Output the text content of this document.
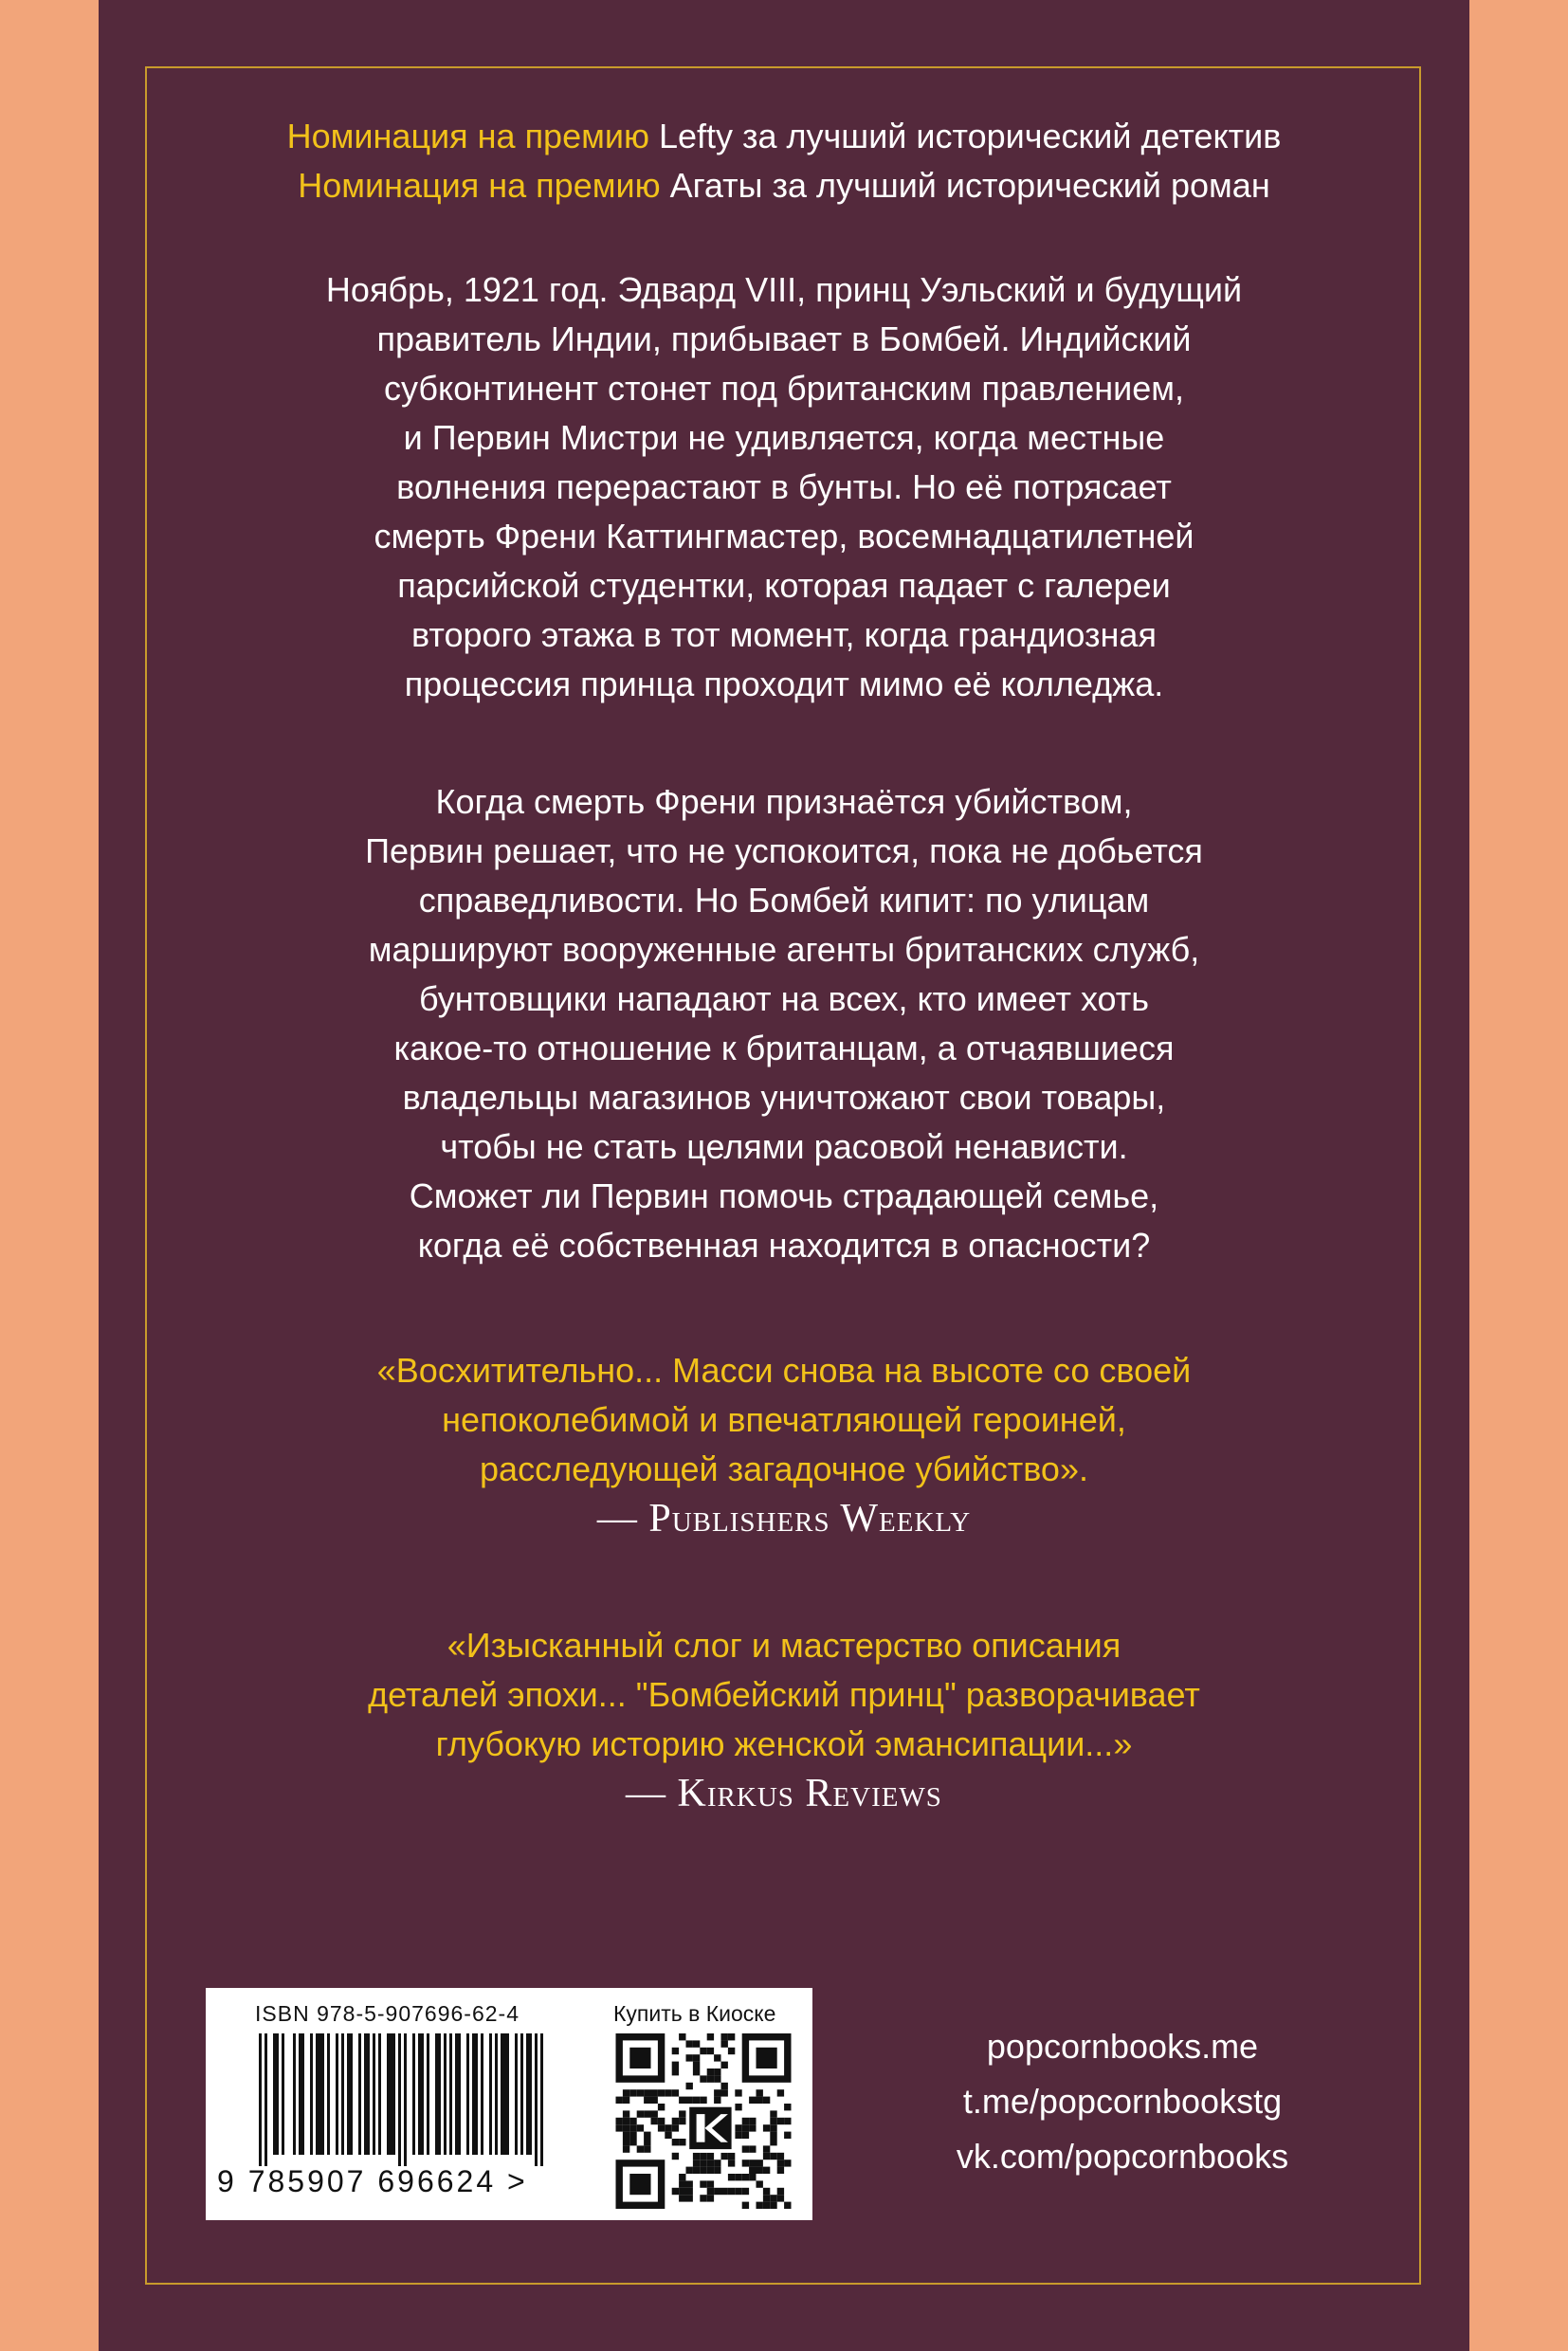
Номинация на премию Lefty за лучший исторический детектив
Номинация на премию Агаты за лучший исторический роман
Ноябрь, 1921 год. Эдвард VIII, принц Уэльский и будущий
правитель Индии, прибывает в Бомбей. Индийский
субконтинент стонет под британским правлением,
и Первин Мистри не удивляется, когда местные
волнения перерастают в бунты. Но её потрясает
смерть Френи Каттингмастер, восемнадцатилетней
парсийской студентки, которая падает с галереи
второго этажа в тот момент, когда грандиозная
процессия принца проходит мимо её колледжа.
Когда смерть Френи признаётся убийством,
Первин решает, что не успокоится, пока не добьется
справедливости. Но Бомбей кипит: по улицам
маршируют вооруженные агенты британских служб,
бунтовщики нападают на всех, кто имеет хоть
какое-то отношение к британцам, а отчаявшиеся
владельцы магазинов уничтожают свои товары,
чтобы не стать целями расовой ненависти.
Сможет ли Первин помочь страдающей семье,
когда её собственная находится в опасности?
«Восхитительно... Масси снова на высоте со своей
непоколебимой и впечатляющей героиней,
расследующей загадочное убийство».
— Publishers Weekly
«Изысканный слог и мастерство описания
деталей эпохи... "Бомбейский принц" разворачивает
глубокую историю женской эмансипации...»
— Kirkus Reviews
ISBN 978-5-907696-62-4
9 785907 696624 >
Купить в Киоске
popcornbooks.me
t.me/popcornbookstg
vk.com/popcornbooks
